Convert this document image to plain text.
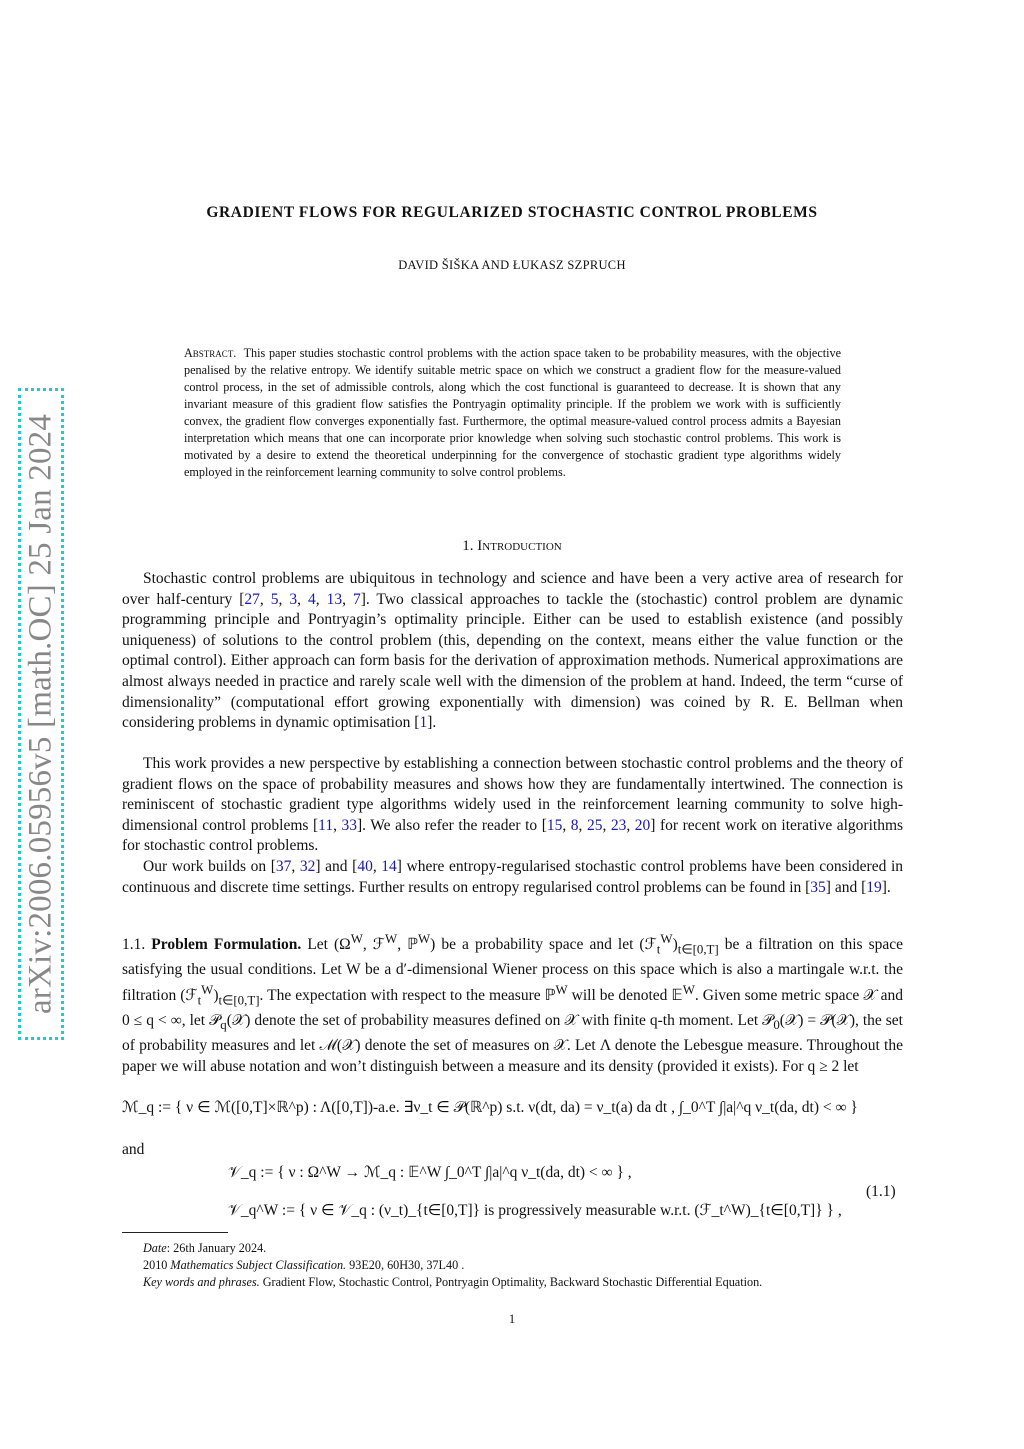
arXiv:2006.05956v5 [math.OC] 25 Jan 2024
GRADIENT FLOWS FOR REGULARIZED STOCHASTIC CONTROL PROBLEMS
DAVID ŠIŠKA AND ŁUKASZ SZPRUCH
Abstract. This paper studies stochastic control problems with the action space taken to be probability measures, with the objective penalised by the relative entropy. We identify suitable metric space on which we construct a gradient flow for the measure-valued control process, in the set of admissible controls, along which the cost functional is guaranteed to decrease. It is shown that any invariant measure of this gradient flow satisfies the Pontryagin optimality principle. If the problem we work with is sufficiently convex, the gradient flow converges exponentially fast. Furthermore, the optimal measure-valued control process admits a Bayesian interpretation which means that one can incorporate prior knowledge when solving such stochastic control problems. This work is motivated by a desire to extend the theoretical underpinning for the convergence of stochastic gradient type algorithms widely employed in the reinforcement learning community to solve control problems.
1. Introduction

Stochastic control problems are ubiquitous in technology and science and have been a very active area of research for over half-century [27, 5, 3, 4, 13, 7]. Two classical approaches to tackle the (stochastic) control problem are dynamic programming principle and Pontryagin’s optimality principle. Either can be used to establish existence (and possibly uniqueness) of solutions to the control problem (this, depending on the context, means either the value function or the optimal control). Either approach can form basis for the derivation of approximation methods. Numerical approximations are almost always needed in practice and rarely scale well with the dimension of the problem at hand. Indeed, the term “curse of dimensionality” (computational effort growing exponentially with dimension) was coined by R. E. Bellman when considering problems in dynamic optimisation [1].

This work provides a new perspective by establishing a connection between stochastic control problems and the theory of gradient flows on the space of probability measures and shows how they are fundamentally intertwined. The connection is reminiscent of stochastic gradient type algorithms widely used in the reinforcement learning community to solve high-dimensional control problems [11, 33]. We also refer the reader to [15, 8, 25, 23, 20] for recent work on iterative algorithms for stochastic control problems.

Our work builds on [37, 32] and [40, 14] where entropy-regularised stochastic control problems have been considered in continuous and discrete time settings. Further results on entropy regularised control problems can be found in [35] and [19].

1.1. Problem Formulation. Let ($\Omega^W$, ℱ$^W$, ℙ$^W$) be a probability space and let $(ℱ_t^W)_{t\in[0,T]}$ be a filtration on this space satisfying the usual conditions. Let W be a d′-dimensional Wiener process on this space which is also a martingale w.r.t. the filtration $(ℱ_t^W)_{t\in[0,T]}$. The expectation with respect to the measure ℙ$^W$ will be denoted 𝔼$^W$. Given some metric space 𝒳 and 0 ≤ q < ∞, let 𝒫$_q$(𝒳) denote the set of probability measures defined on 𝒳 with finite q-th moment. Let 𝒫$_0$(𝒳) = 𝒫(𝒳), the set of probability measures and let ℳ(𝒳) denote the set of measures on 𝒳. Let Λ denote the Lebesgue measure. Throughout the paper we will abuse notation and won’t distinguish between a measure and its density (provided it exists). For q ≥ 2 let

ℳ_q := { ν ∈ ℳ([0,T]×ℝ^p) : Λ([0,T])-a.e. ∃ν_t ∈ 𝒫(ℝ^p) s.t. ν(dt, da) = ν_t(a) da dt , ∫_0^T ∫|a|^q ν_t(da, dt) < ∞ }
and
𝒱_q := { ν : Ω^W → ℳ_q : 𝔼^W ∫_0^T ∫|a|^q ν_t(da, dt) < ∞ } ,
𝒱_q^W := { ν ∈ 𝒱_q : (ν_t)_{t∈[0,T]} is progressively measurable w.r.t. (ℱ_t^W)_{t∈[0,T]} } ,
(1.1)

Date: 26th January 2024.

2010 Mathematics Subject Classification. 93E20, 60H30, 37L40 .

Key words and phrases. Gradient Flow, Stochastic Control, Pontryagin Optimality, Backward Stochastic Differential Equation.

1
